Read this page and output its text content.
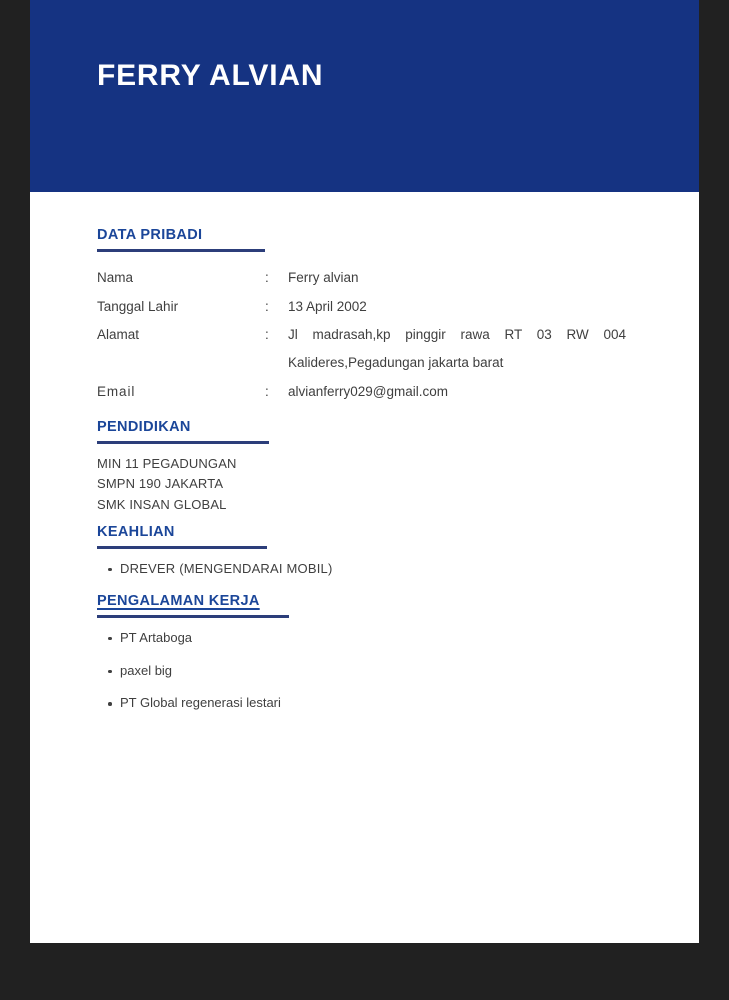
FERRY ALVIAN
DATA PRIBADI
Nama	:	Ferry alvian
Tanggal Lahir	:	13 April 2002
Alamat	:	Jl madrasah,kp pinggir rawa RT 03 RW 004
Kalideres,Pegadungan jakarta barat
Email	:	alvianferry029@gmail.com
PENDIDIKAN
MIN 11 PEGADUNGAN
SMPN 190 JAKARTA
SMK INSAN GLOBAL
KEAHLIAN
DREVER (MENGENDARAI MOBIL)
PENGALAMAN KERJA
PT Artaboga
paxel big
PT Global regenerasi lestari
